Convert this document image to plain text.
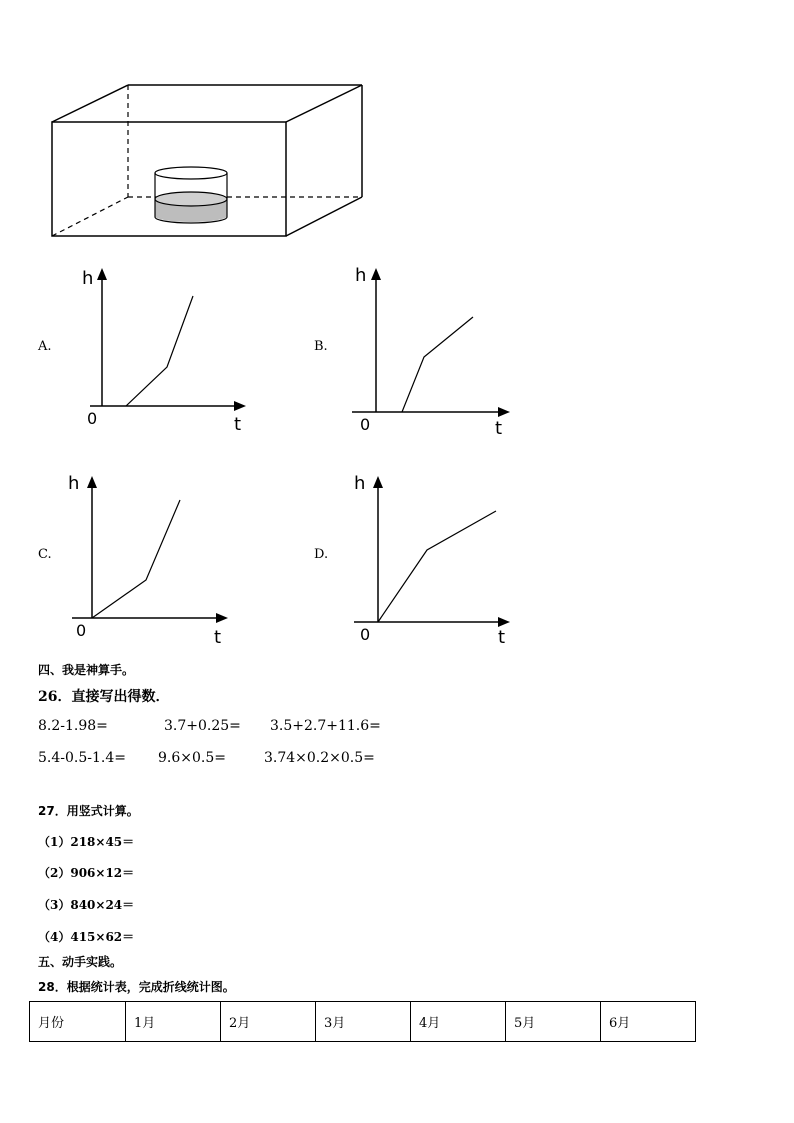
A.	B.
C.	D.
h
t
0
h
t
0
h
t
0
h
t
0
四、我是神算手。
26．直接写出得数．
8.2-1.98=	3.7+0.25= 3.5+2.7+11.6=
5.4-0.5-1.4= 9.6×0.5=	3.74×0.2×0.5=
27．用竖式计算。
（1）218×45＝
（2）906×12＝
（3）840×24＝
（4）415×62＝
五、动手实践。
28．根据统计表，完成折线统计图。
月份	1月	2月	3月	4月	5月	6月
